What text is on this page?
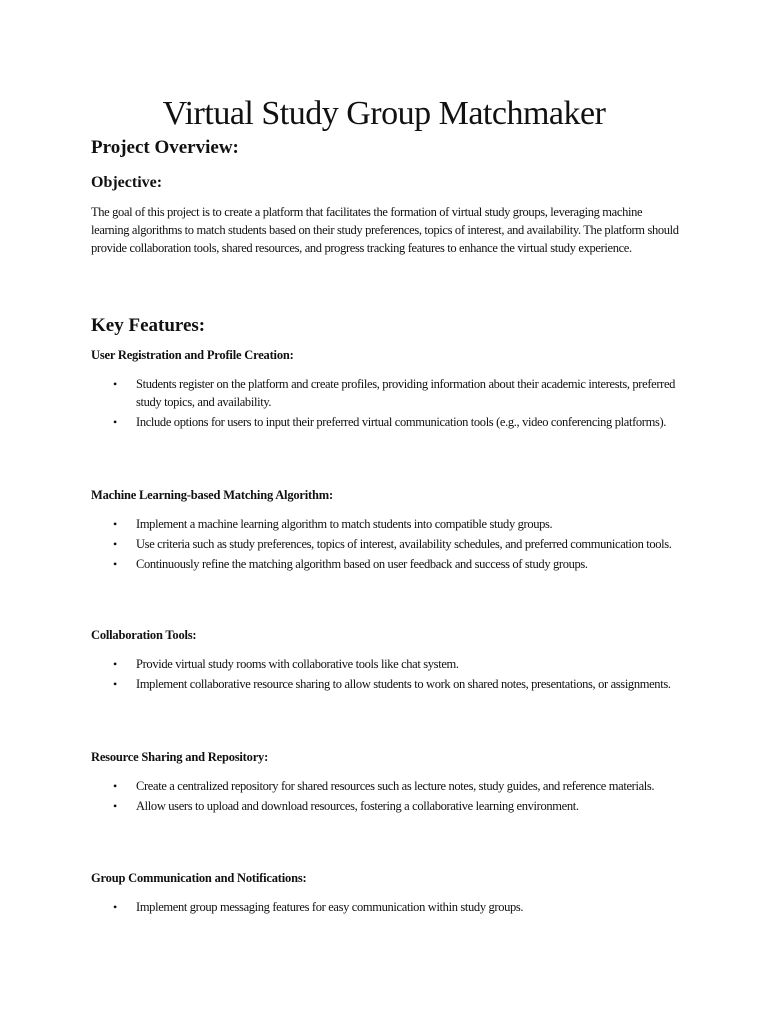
Virtual Study Group Matchmaker
Project Overview:
Objective:

The goal of this project is to create a platform that facilitates the formation of virtual study groups, leveraging machine learning algorithms to match students based on their study preferences, topics of interest, and availability. The platform should provide collaboration tools, shared resources, and progress tracking features to enhance the virtual study experience.

Key Features:
User Registration and Profile Creation:
• Students register on the platform and create profiles, providing information about their academic interests, preferred study topics, and availability.
• Include options for users to input their preferred virtual communication tools (e.g., video conferencing platforms).
Machine Learning-based Matching Algorithm:
• Implement a machine learning algorithm to match students into compatible study groups.
• Use criteria such as study preferences, topics of interest, availability schedules, and preferred communication tools.
• Continuously refine the matching algorithm based on user feedback and success of study groups.
Collaboration Tools:
• Provide virtual study rooms with collaborative tools like chat system.
• Implement collaborative resource sharing to allow students to work on shared notes, presentations, or assignments.
Resource Sharing and Repository:
• Create a centralized repository for shared resources such as lecture notes, study guides, and reference materials.
• Allow users to upload and download resources, fostering a collaborative learning environment.
Group Communication and Notifications:
• Implement group messaging features for easy communication within study groups.
